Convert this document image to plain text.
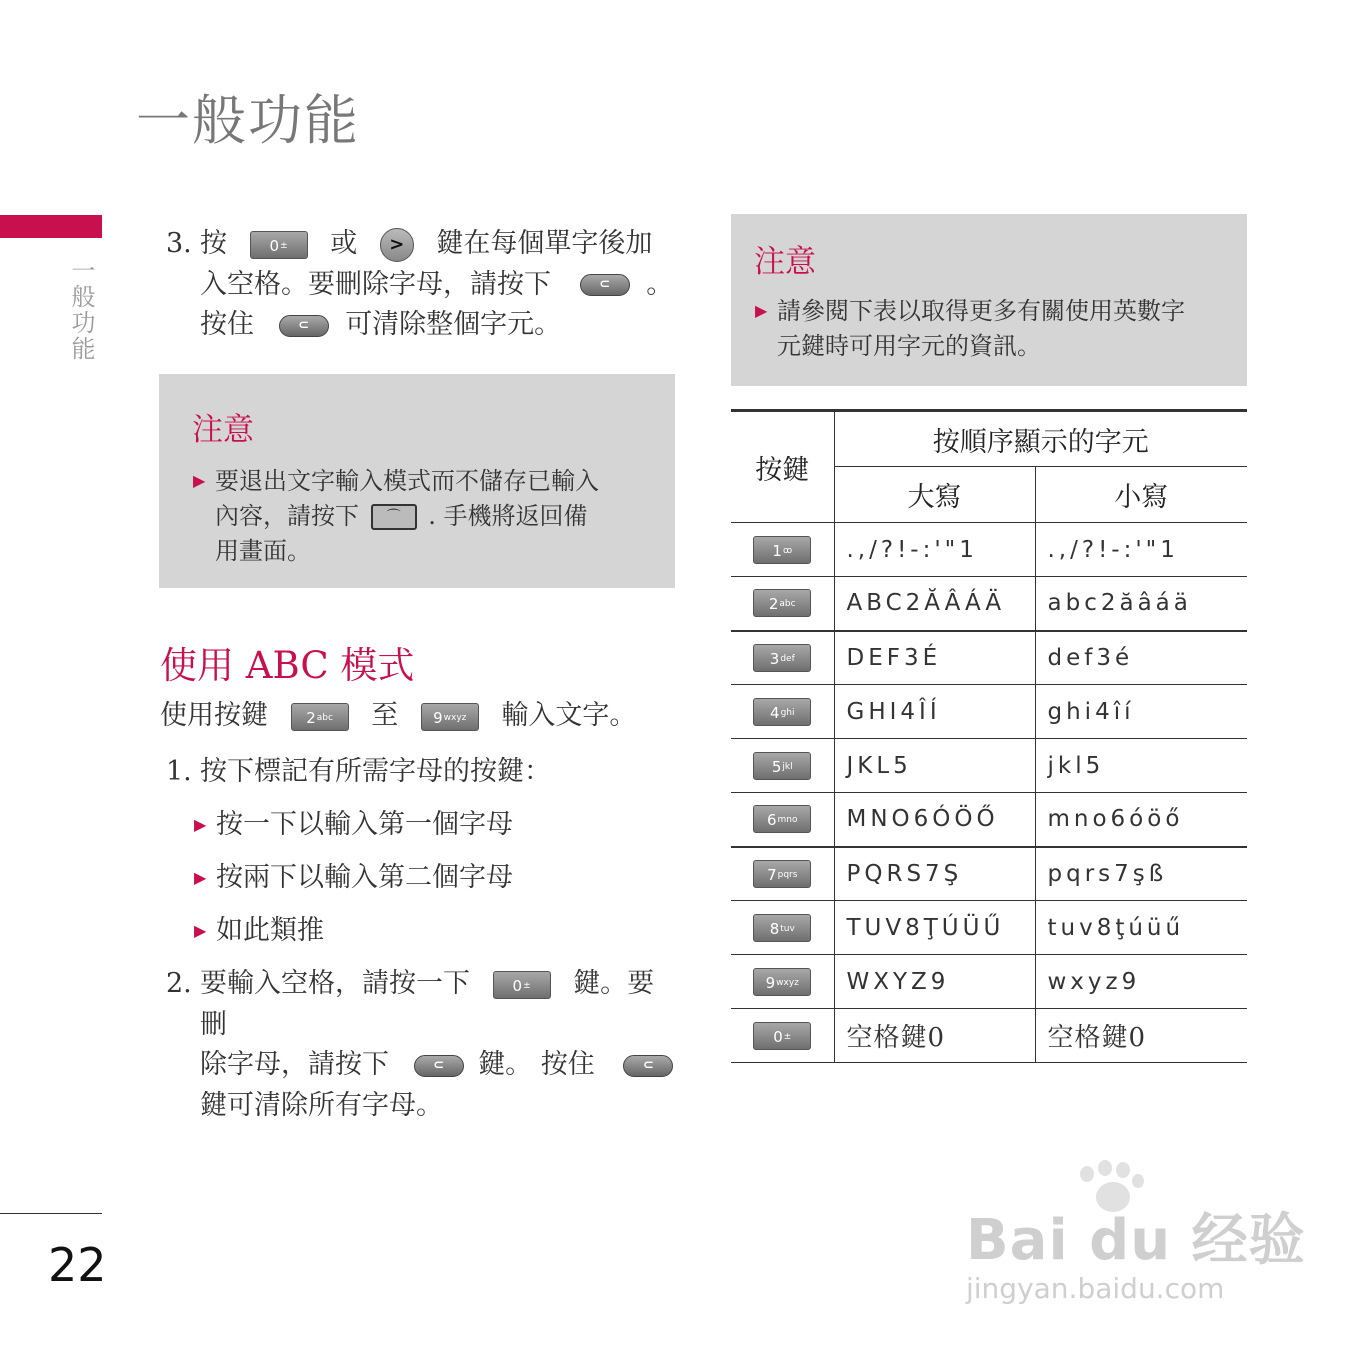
一般功能
一般功能
22
3. 按	0± 或 > 鍵在每個單字後加
入空格。要刪除字母，請按下	⊂ 。
按住	⊂ 可清除整個字元。
注意
▶ 要退出文字輸入模式而不儲存已輸入
內容，請按下 ⌒ . 手機將返回備
用畫面。
使用 ABC 模式
使用按鍵	$2^{abc}$ 至 $9^{wxyz}$ 輸入文字。
1. 按下標記有所需字母的按鍵：
▶ 按一下以輸入第一個字母
▶ 按兩下以輸入第二個字母
▶ 如此類推
2. 要輸入空格，請按一下	0± 鍵。要刪
除字母，請按下	⊂ 鍵。 按住	⊂
鍵可清除所有字母。
注意
▶ 請參閱下表以取得更多有關使用英數字
元鍵時可用字元的資訊。
按鍵	按順序顯示的字元	
	大寫	小寫
$1^ꝏ$	.,/?!-:'"1	.,/?!-:'"1
$2^{abc}$	ABC2ĂÂÁÄ	abc2ăâáä
$3^{def}$	DEF3É	def3é
$4^{ghi}$	GHI4ÎÍ	ghi4îí
$5^{jkl}$	JKL5	jkl5
$6^{mno}$	MNO6ÓÖŐ	mno6óöő
$7^{pqrs}$	PQRS7Ş	pqrs7şß
$8^{tuv}$	TUV8ŢÚÜŰ	tuv8ţúüű
$9^{wxyz}$	WXYZ9	wxyz9
0±	空格鍵0	空格鍵0
Bai du 经验
jingyan.baidu.com
